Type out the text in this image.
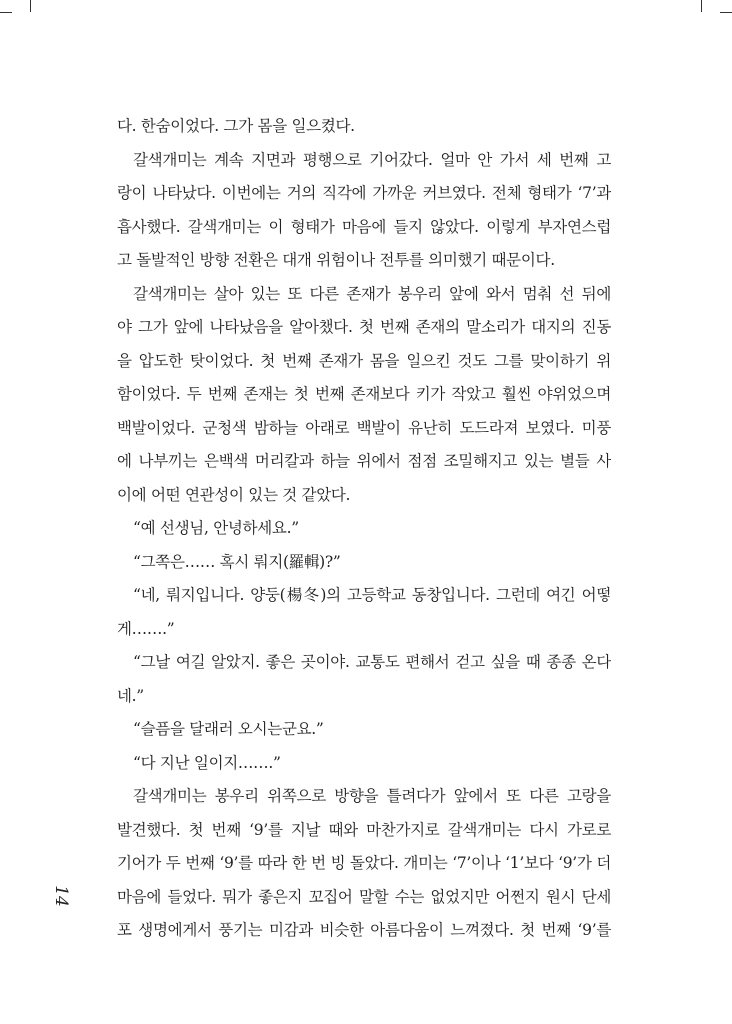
다. 한숨이었다. 그가 몸을 일으켰다.
갈색개미는 계속 지면과 평행으로 기어갔다. 얼마 안 가서 세 번째 고
랑이 나타났다. 이번에는 거의 직각에 가까운 커브였다. 전체 형태가 ‘7’과
흡사했다. 갈색개미는 이 형태가 마음에 들지 않았다. 이렇게 부자연스럽
고 돌발적인 방향 전환은 대개 위험이나 전투를 의미했기 때문이다.
갈색개미는 살아 있는 또 다른 존재가 봉우리 앞에 와서 멈춰 선 뒤에
야 그가 앞에 나타났음을 알아챘다. 첫 번째 존재의 말소리가 대지의 진동
을 압도한 탓이었다. 첫 번째 존재가 몸을 일으킨 것도 그를 맞이하기 위
함이었다. 두 번째 존재는 첫 번째 존재보다 키가 작았고 훨씬 야위었으며
백발이었다. 군청색 밤하늘 아래로 백발이 유난히 도드라져 보였다. 미풍
에 나부끼는 은백색 머리칼과 하늘 위에서 점점 조밀해지고 있는 별들 사
이에 어떤 연관성이 있는 것 같았다.
“예 선생님, 안녕하세요.”
“그쪽은…… 혹시 뤄지(羅輯)?”
“네, 뤄지입니다. 양둥(楊冬)의 고등학교 동창입니다. 그런데 여긴 어떻
게…….”
“그날 여길 알았지. 좋은 곳이야. 교통도 편해서 걷고 싶을 때 종종 온다
네.”
“슬픔을 달래러 오시는군요.”
“다 지난 일이지…….”
갈색개미는 봉우리 위쪽으로 방향을 틀려다가 앞에서 또 다른 고랑을
발견했다. 첫 번째 ‘9’를 지날 때와 마찬가지로 갈색개미는 다시 가로로
기어가 두 번째 ‘9’를 따라 한 번 빙 돌았다. 개미는 ‘7’이나 ‘1’보다 ‘9’가 더
마음에 들었다. 뭐가 좋은지 꼬집어 말할 수는 없었지만 어쩐지 원시 단세
포 생명에게서 풍기는 미감과 비슷한 아름다움이 느껴졌다. 첫 번째 ‘9’를
14
